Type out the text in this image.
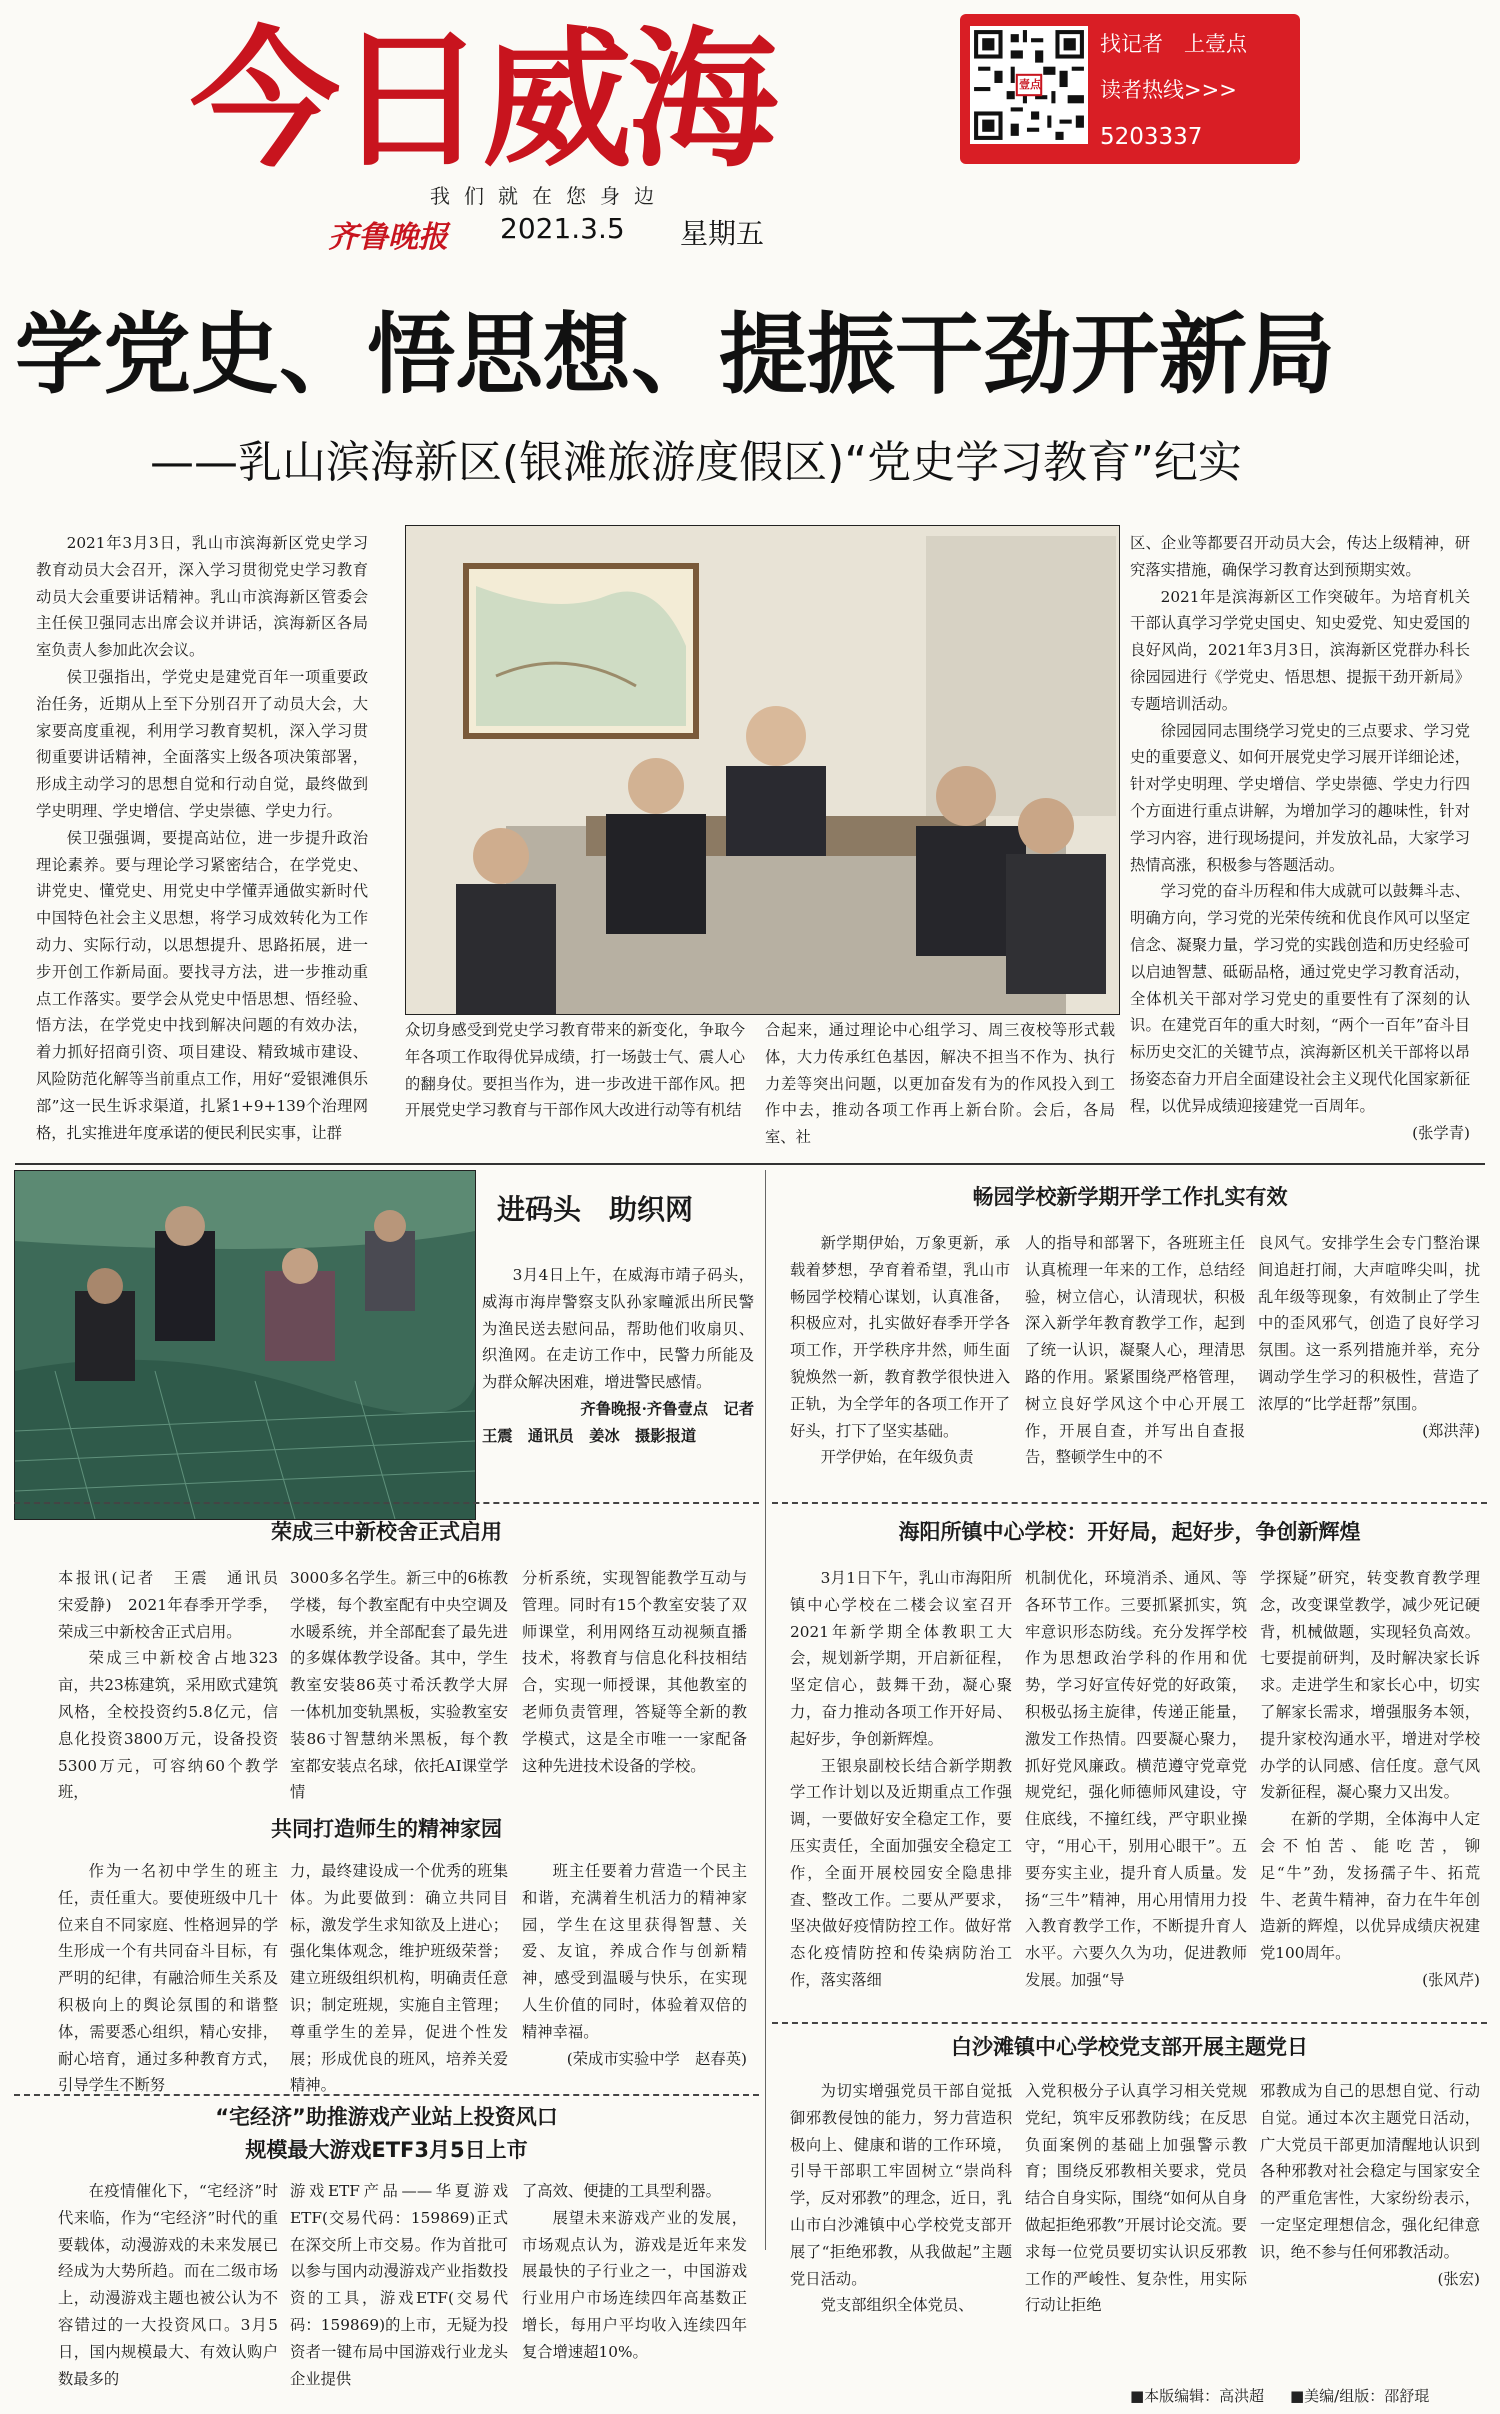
今日威海
我们就在您身边
齐鲁晚报 2021.3.5 星期五
壹点
找记者　上壹点
读者热线>>>
5203337
学党史、悟思想、提振干劲开新局
——乳山滨海新区(银滩旅游度假区)“党史学习教育”纪实

2021年3月3日，乳山市滨海新区党史学习教育动员大会召开，深入学习贯彻党史学习教育动员大会重要讲话精神。乳山市滨海新区管委会主任侯卫强同志出席会议并讲话，滨海新区各局室负责人参加此次会议。

侯卫强指出，学党史是建党百年一项重要政治任务，近期从上至下分别召开了动员大会，大家要高度重视，利用学习教育契机，深入学习贯彻重要讲话精神，全面落实上级各项决策部署，形成主动学习的思想自觉和行动自觉，最终做到学史明理、学史增信、学史崇德、学史力行。

侯卫强强调，要提高站位，进一步提升政治理论素养。要与理论学习紧密结合，在学党史、讲党史、懂党史、用党史中学懂弄通做实新时代中国特色社会主义思想，将学习成效转化为工作动力、实际行动，以思想提升、思路拓展，进一步开创工作新局面。要找寻方法，进一步推动重点工作落实。要学会从党史中悟思想、悟经验、悟方法，在学党史中找到解决问题的有效办法，着力抓好招商引资、项目建设、精致城市建设、风险防范化解等当前重点工作，用好“爱银滩俱乐部”这一民生诉求渠道，扎紧1+9+139个治理网格，扎实推进年度承诺的便民利民实事，让群

众切身感受到党史学习教育带来的新变化，争取今年各项工作取得优异成绩，打一场鼓士气、震人心的翻身仗。要担当作为，进一步改进干部作风。把开展党史学习教育与干部作风大改进行动等有机结

合起来，通过理论中心组学习、周三夜校等形式载体，大力传承红色基因，解决不担当不作为、执行力差等突出问题，以更加奋发有为的作风投入到工作中去，推动各项工作再上新台阶。会后，各局室、社

区、企业等都要召开动员大会，传达上级精神，研究落实措施，确保学习教育达到预期实效。

2021年是滨海新区工作突破年。为培育机关干部认真学习学党史国史、知史爱党、知史爱国的良好风尚，2021年3月3日，滨海新区党群办科长徐园园进行《学党史、悟思想、提振干劲开新局》专题培训活动。

徐园园同志围绕学习党史的三点要求、学习党史的重要意义、如何开展党史学习展开详细论述，针对学史明理、学史增信、学史崇德、学史力行四个方面进行重点讲解，为增加学习的趣味性，针对学习内容，进行现场提问，并发放礼品，大家学习热情高涨，积极参与答题活动。

学习党的奋斗历程和伟大成就可以鼓舞斗志、明确方向，学习党的光荣传统和优良作风可以坚定信念、凝聚力量，学习党的实践创造和历史经验可以启迪智慧、砥砺品格，通过党史学习教育活动，全体机关干部对学习党史的重要性有了深刻的认识。在建党百年的重大时刻，“两个一百年”奋斗目标历史交汇的关键节点，滨海新区机关干部将以昂扬姿态奋力开启全面建设社会主义现代化国家新征程，以优异成绩迎接建党一百周年。

(张学青)

进码头　助织网

3月4日上午，在威海市靖子码头，威海市海岸警察支队孙家疃派出所民警为渔民送去慰问品，帮助他们收扇贝、织渔网。在走访工作中，民警力所能及为群众解决困难，增进警民感情。

齐鲁晚报·齐鲁壹点　记者

王震　通讯员　姜冰　摄影报道

畅园学校新学期开学工作扎实有效

新学期伊始，万象更新，承载着梦想，孕育着希望，乳山市畅园学校精心谋划，认真准备，积极应对，扎实做好春季开学各项工作，开学秩序井然，师生面貌焕然一新，教育教学很快进入正轨，为全学年的各项工作开了好头，打下了坚实基础。

开学伊始，在年级负责

人的指导和部署下，各班班主任认真梳理一年来的工作，总结经验，树立信心，认清现状，积极深入新学年教育教学工作，起到了统一认识，凝聚人心，理清思路的作用。紧紧围绕严格管理，树立良好学风这个中心开展工作，开展自查，并写出自查报告，整顿学生中的不

良风气。安排学生会专门整治课间追赶打闹，大声喧哗尖叫，扰乱年级等现象，有效制止了学生中的歪风邪气，创造了良好学习氛围。这一系列措施并举，充分调动学生学习的积极性，营造了浓厚的“比学赶帮”氛围。

(郑洪萍)

荣成三中新校舍正式启用

本报讯(记者　王震　通讯员　宋爱静)　2021年春季开学季，荣成三中新校舍正式启用。

荣成三中新校舍占地323亩，共23栋建筑，采用欧式建筑风格，全校投资约5.8亿元，信息化投资3800万元，设备投资5300万元，可容纳60个教学班，

3000多名学生。新三中的6栋教学楼，每个教室配有中央空调及水暖系统，并全部配套了最先进的多媒体教学设备。其中，学生教室安装86英寸希沃教学大屏一体机加变轨黑板，实验教室安装86寸智慧纳米黑板，每个教室都安装点名球，依托AI课堂学情

分析系统，实现智能教学互动与管理。同时有15个教室安装了双师课堂，利用网络互动视频直播技术，将教育与信息化科技相结合，实现一师授课，其他教室的老师负责管理，答疑等全新的教学模式，这是全市唯一一家配备这种先进技术设备的学校。

共同打造师生的精神家园

作为一名初中学生的班主任，责任重大。要使班级中几十位来自不同家庭、性格迥异的学生形成一个有共同奋斗目标，有严明的纪律，有融洽师生关系及积极向上的舆论氛围的和谐整体，需要悉心组织，精心安排，耐心培育，通过多种教育方式，引导学生不断努

力，最终建设成一个优秀的班集体。为此要做到：确立共同目标，激发学生求知欲及上进心；强化集体观念，维护班级荣誉；建立班级组织机构，明确责任意识；制定班规，实施自主管理；尊重学生的差异，促进个性发展；形成优良的班风，培养关爱精神。

班主任要着力营造一个民主和谐，充满着生机活力的精神家园，学生在这里获得智慧、关爱、友谊，养成合作与创新精神，感受到温暖与快乐，在实现人生价值的同时，体验着双倍的精神幸福。

(荣成市实验中学　赵春英)

“宅经济”助推游戏产业站上投资风口
规模最大游戏ETF3月5日上市

在疫情催化下，“宅经济”时代来临，作为“宅经济”时代的重要载体，动漫游戏的未来发展已经成为大势所趋。而在二级市场上，动漫游戏主题也被公认为不容错过的一大投资风口。3月5日，国内规模最大、有效认购户数最多的

游戏ETF产品——华夏游戏ETF(交易代码：159869)正式在深交所上市交易。作为首批可以参与国内动漫游戏产业指数投资的工具，游戏ETF(交易代码：159869)的上市，无疑为投资者一键布局中国游戏行业龙头企业提供

了高效、便捷的工具型利器。

展望未来游戏产业的发展，市场观点认为，游戏是近年来发展最快的子行业之一，中国游戏行业用户市场连续四年高基数正增长，每用户平均收入连续四年复合增速超10%。

海阳所镇中心学校：开好局，起好步，争创新辉煌

3月1日下午，乳山市海阳所镇中心学校在二楼会议室召开2021年新学期全体教职工大会，规划新学期，开启新征程，坚定信心，鼓舞干劲，凝心聚力，奋力推动各项工作开好局、起好步，争创新辉煌。

王银泉副校长结合新学期教学工作计划以及近期重点工作强调，一要做好安全稳定工作，要压实责任，全面加强安全稳定工作，全面开展校园安全隐患排查、整改工作。二要从严要求，坚决做好疫情防控工作。做好常态化疫情防控和传染病防治工作，落实落细

机制优化，环境消杀、通风、等各环节工作。三要抓紧抓实，筑牢意识形态防线。充分发挥学校作为思想政治学科的作用和优势，学习好宣传好党的好政策，积极弘扬主旋律，传递正能量，激发工作热情。四要凝心聚力，抓好党风廉政。横范遵守党章党规党纪，强化师德师风建设，守住底线，不撞红线，严守职业操守，“用心干，别用心眼干”。五要夯实主业，提升育人质量。发扬“三牛”精神，用心用情用力投入教育教学工作，不断提升育人水平。六要久久为功，促进教师发展。加强“导

学探疑”研究，转变教育教学理念，改变课堂教学，减少死记硬背，机械做题，实现轻负高效。七要提前研判，及时解决家长诉求。走进学生和家长心中，切实了解家长需求，增强服务本领，提升家校沟通水平，增进对学校办学的认同感、信任度。意气风发新征程，凝心聚力又出发。

在新的学期，全体海中人定会不怕苦、能吃苦，铆足“牛”劲，发扬孺子牛、拓荒牛、老黄牛精神，奋力在牛年创造新的辉煌，以优异成绩庆祝建党100周年。

(张风芹)

白沙滩镇中心学校党支部开展主题党日

为切实增强党员干部自觉抵御邪教侵蚀的能力，努力营造积极向上、健康和谐的工作环境，引导干部职工牢固树立“崇尚科学，反对邪教”的理念，近日，乳山市白沙滩镇中心学校党支部开展了“拒绝邪教，从我做起”主题党日活动。

党支部组织全体党员、

入党积极分子认真学习相关党规党纪，筑牢反邪教防线；在反思负面案例的基础上加强警示教育；围绕反邪教相关要求，党员结合自身实际，围绕“如何从自身做起拒绝邪教”开展讨论交流。要求每一位党员要切实认识反邪教工作的严峻性、复杂性，用实际行动让拒绝

邪教成为自己的思想自觉、行动自觉。通过本次主题党日活动，广大党员干部更加清醒地认识到各种邪教对社会稳定与国家安全的严重危害性，大家纷纷表示，一定坚定理想信念，强化纪律意识，绝不参与任何邪教活动。

(张宏)

■本版编辑：高洪超 ■美编/组版：邵舒琨
